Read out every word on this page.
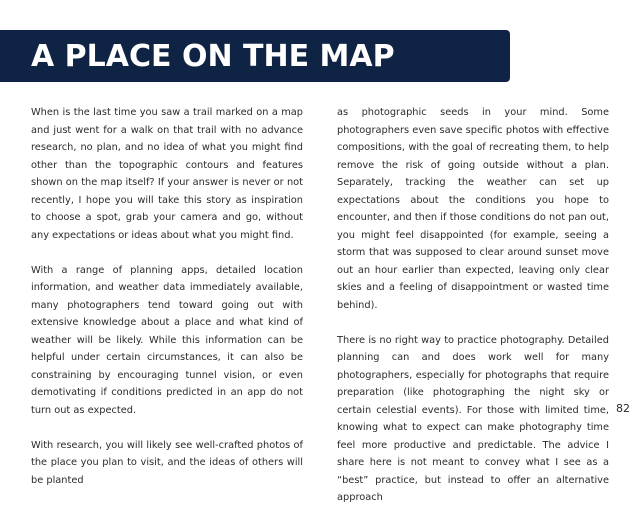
A PLACE ON THE MAP

When is the last time you saw a trail marked on a map and just went for a walk on that trail with no advance research, no plan, and no idea of what you might find other than the topographic contours and features shown on the map itself? If your answer is never or not recently, I hope you will take this story as inspiration to choose a spot, grab your camera and go, without any expectations or ideas about what you might find.

With a range of planning apps, detailed location information, and weather data immediately available, many photographers tend toward going out with extensive knowledge about a place and what kind of weather will be likely. While this information can be helpful under certain circumstances, it can also be constraining by encouraging tunnel vision, or even demotivating if conditions predicted in an app do not turn out as expected.

With research, you will likely see well-crafted photos of the place you plan to visit, and the ideas of others will be planted

as photographic seeds in your mind. Some photographers even save specific photos with effective compositions, with the goal of recreating them, to help remove the risk of going outside without a plan. Separately, tracking the weather can set up expectations about the conditions you hope to encounter, and then if those conditions do not pan out, you might feel disappointed (for example, seeing a storm that was supposed to clear around sunset move out an hour earlier than expected, leaving only clear skies and a feeling of disappointment or wasted time behind).

There is no right way to practice photography. Detailed planning can and does work well for many photographers, especially for photographs that require preparation (like photographing the night sky or certain celestial events). For those with limited time, knowing what to expect can make photography time feel more productive and predictable. The advice I share here is not meant to convey what I see as a “best” practice, but instead to offer an alternative approach

82
